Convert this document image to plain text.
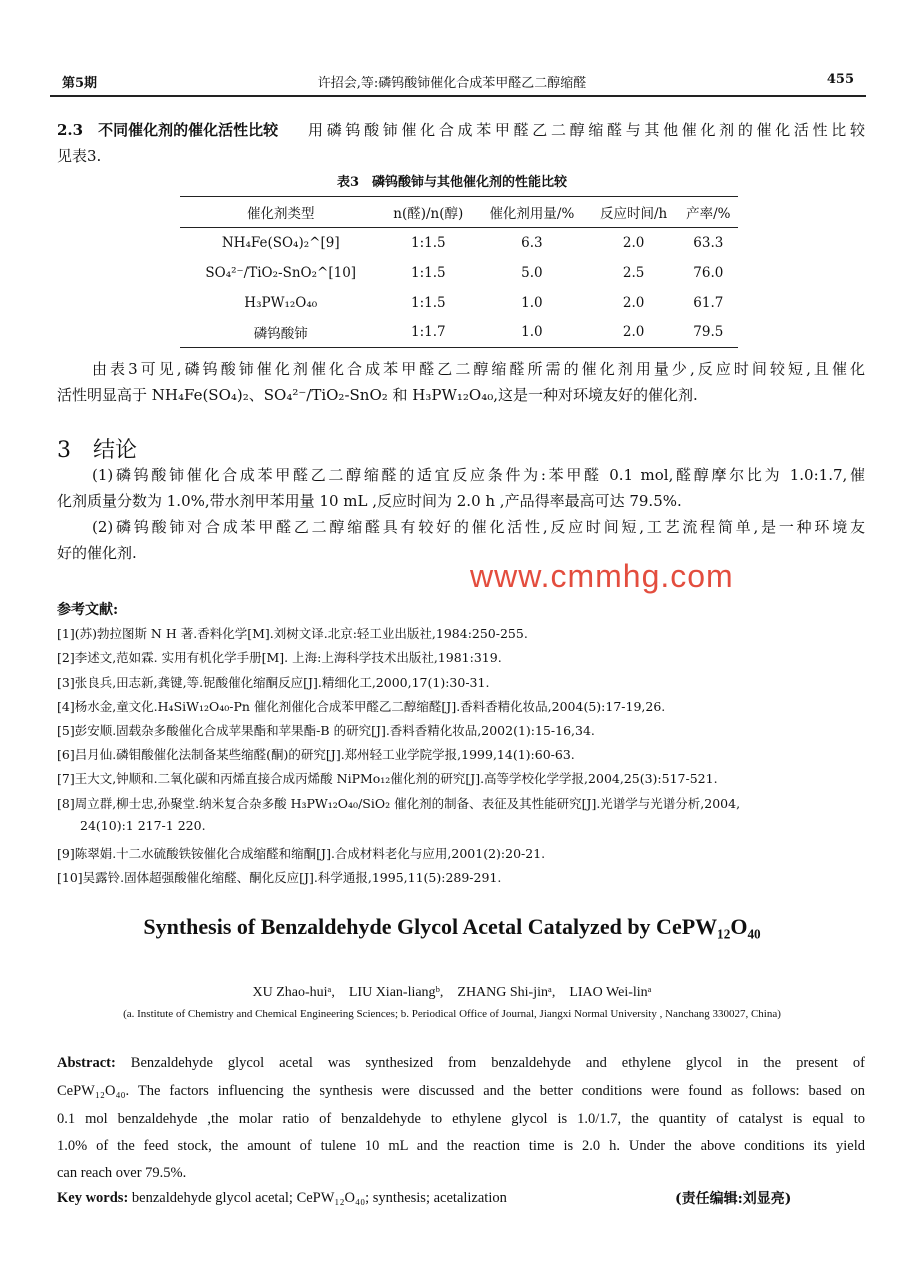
第5期	许招会,等:磷钨酸铈催化合成苯甲醛乙二醇缩醛	455
2.3　不同催化剂的催化活性比较 用磷钨酸铈催化合成苯甲醛乙二醇缩醛与其他催化剂的催化活性比较
见表3.
表3　磷钨酸铈与其他催化剂的性能比较
催化剂类型	n(醛)/n(醇)	催化剂用量/%	反应时间/h	产率/%
NH₄Fe(SO₄)₂^[9]	1:1.5	6.3	2.0	63.3
SO₄²⁻/TiO₂-SnO₂^[10]	1:1.5	5.0	2.5	76.0
H₃PW₁₂O₄₀	1:1.5	1.0	2.0	61.7
磷钨酸铈	1:1.7	1.0	2.0	79.5
由表3可见,磷钨酸铈催化剂催化合成苯甲醛乙二醇缩醛所需的催化剂用量少,反应时间较短,且催化
活性明显高于 NH₄Fe(SO₄)₂、SO₄²⁻/TiO₂-SnO₂ 和 H₃PW₁₂O₄₀,这是一种对环境友好的催化剂.
3　结论
(1)磷钨酸铈催化合成苯甲醛乙二醇缩醛的适宜反应条件为:苯甲醛 0.1 mol,醛醇摩尔比为 1.0:1.7,催
化剂质量分数为 1.0%,带水剂甲苯用量 10 mL ,反应时间为 2.0 h ,产品得率最高可达 79.5%.
(2)磷钨酸铈对合成苯甲醛乙二醇缩醛具有较好的催化活性,反应时间短,工艺流程简单,是一种环境友
好的催化剂.
参考文献:
[1](苏)勃拉图斯 N H 著.香料化学[M].刘树文译.北京:轻工业出版社,1984:250-255.
[2]李述文,范如霖. 实用有机化学手册[M]. 上海:上海科学技术出版社,1981:319.
[3]张良兵,田志新,龚键,等.铌酸催化缩酮反应[J].精细化工,2000,17(1):30-31.
[4]杨水金,童文化.H₄SiW₁₂O₄₀-Pn 催化剂催化合成苯甲醛乙二醇缩醛[J].香料香精化妆品,2004(5):17-19,26.
[5]彭安顺.固载杂多酸催化合成苹果酯和苹果酯-B 的研究[J].香料香精化妆品,2002(1):15-16,34.
[6]吕月仙.磷钼酸催化法制备某些缩醛(酮)的研究[J].郑州轻工业学院学报,1999,14(1):60-63.
[7]王大文,钟顺和.二氧化碳和丙烯直接合成丙烯酸 NiPMo₁₂催化剂的研究[J].高等学校化学学报,2004,25(3):517-521.
[8]周立群,柳士忠,孙聚堂.纳米复合杂多酸 H₃PW₁₂O₄₀/SiO₂ 催化剂的制备、表征及其性能研究[J].光谱学与光谱分析,2004,
24(10):1 217-1 220.
[9]陈翠娟.十二水硫酸铁铵催化合成缩醛和缩酮[J].合成材料老化与应用,2001(2):20-21.
[10]吴露铃.固体超强酸催化缩醛、酮化反应[J].科学通报,1995,11(5):289-291.
Synthesis of Benzaldehyde Glycol Acetal Catalyzed by CePW₁₂O₄₀
XU Zhao-huiᵃ,　LIU Xian-liangᵇ,　ZHANG Shi-jinᵃ,　LIAO Wei-linᵃ
(a. Institute of Chemistry and Chemical Engineering Sciences; b. Periodical Office of Journal, Jiangxi Normal University , Nanchang 330027, China)
Abstract: Benzaldehyde glycol acetal was synthesized from benzaldehyde and ethylene glycol in the present of
CePW₁₂O₄₀. The factors influencing the synthesis were discussed and the better conditions were found as follows: based on
0.1 mol benzaldehyde ,the molar ratio of benzaldehyde to ethylene glycol is 1.0/1.7, the quantity of catalyst is equal to
1.0% of the feed stock, the amount of tulene 10 mL and the reaction time is 2.0 h. Under the above conditions its yield
can reach over 79.5%.
Key words: benzaldehyde glycol acetal; CePW₁₂O₄₀; synthesis; acetalization	(责任编辑:刘显亮)
www.cmmhg.com
